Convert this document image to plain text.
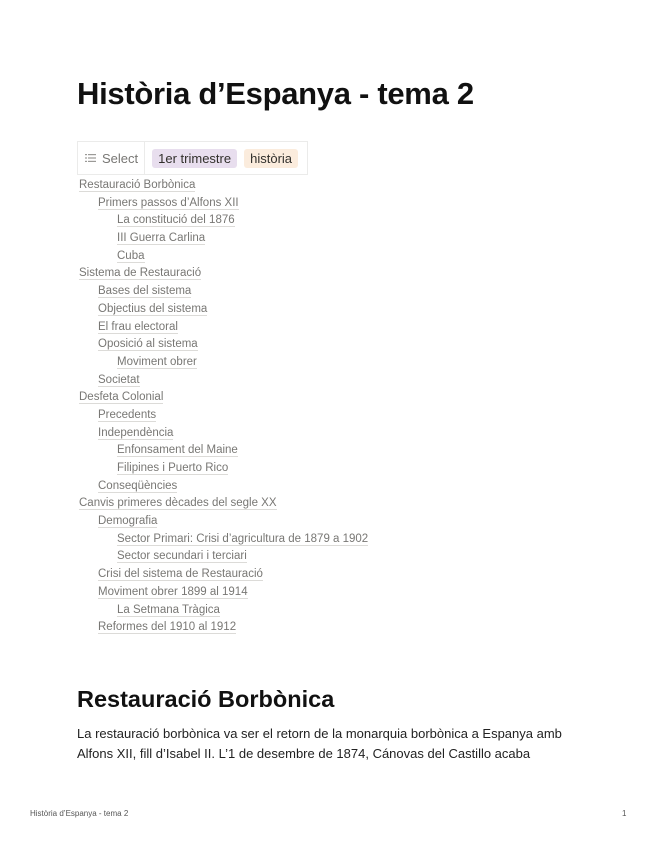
Història d’Espanya - tema 2
Select	1er trimestre	història
Restauració Borbònica
Primers passos d’Alfons XII
La constitució del 1876
III Guerra Carlina
Cuba
Sistema de Restauració
Bases del sistema
Objectius del sistema
El frau electoral
Oposició al sistema
Moviment obrer
Societat
Desfeta Colonial
Precedents
Independència
Enfonsament del Maine
Filipines i Puerto Rico
Conseqüències
Canvis primeres dècades del segle XX
Demografia
Sector Primari: Crisi d’agricultura de 1879 a 1902
Sector secundari i terciari
Crisi del sistema de Restauració
Moviment obrer 1899 al 1914
La Setmana Tràgica
Reformes del 1910 al 1912
Restauració Borbònica

La restauració borbònica va ser el retorn de la monarquia borbònica a Espanya amb Alfons XII, fill d’Isabel II. L’1 de desembre de 1874, Cánovas del Castillo acaba

Història d’Espanya - tema 2	1
